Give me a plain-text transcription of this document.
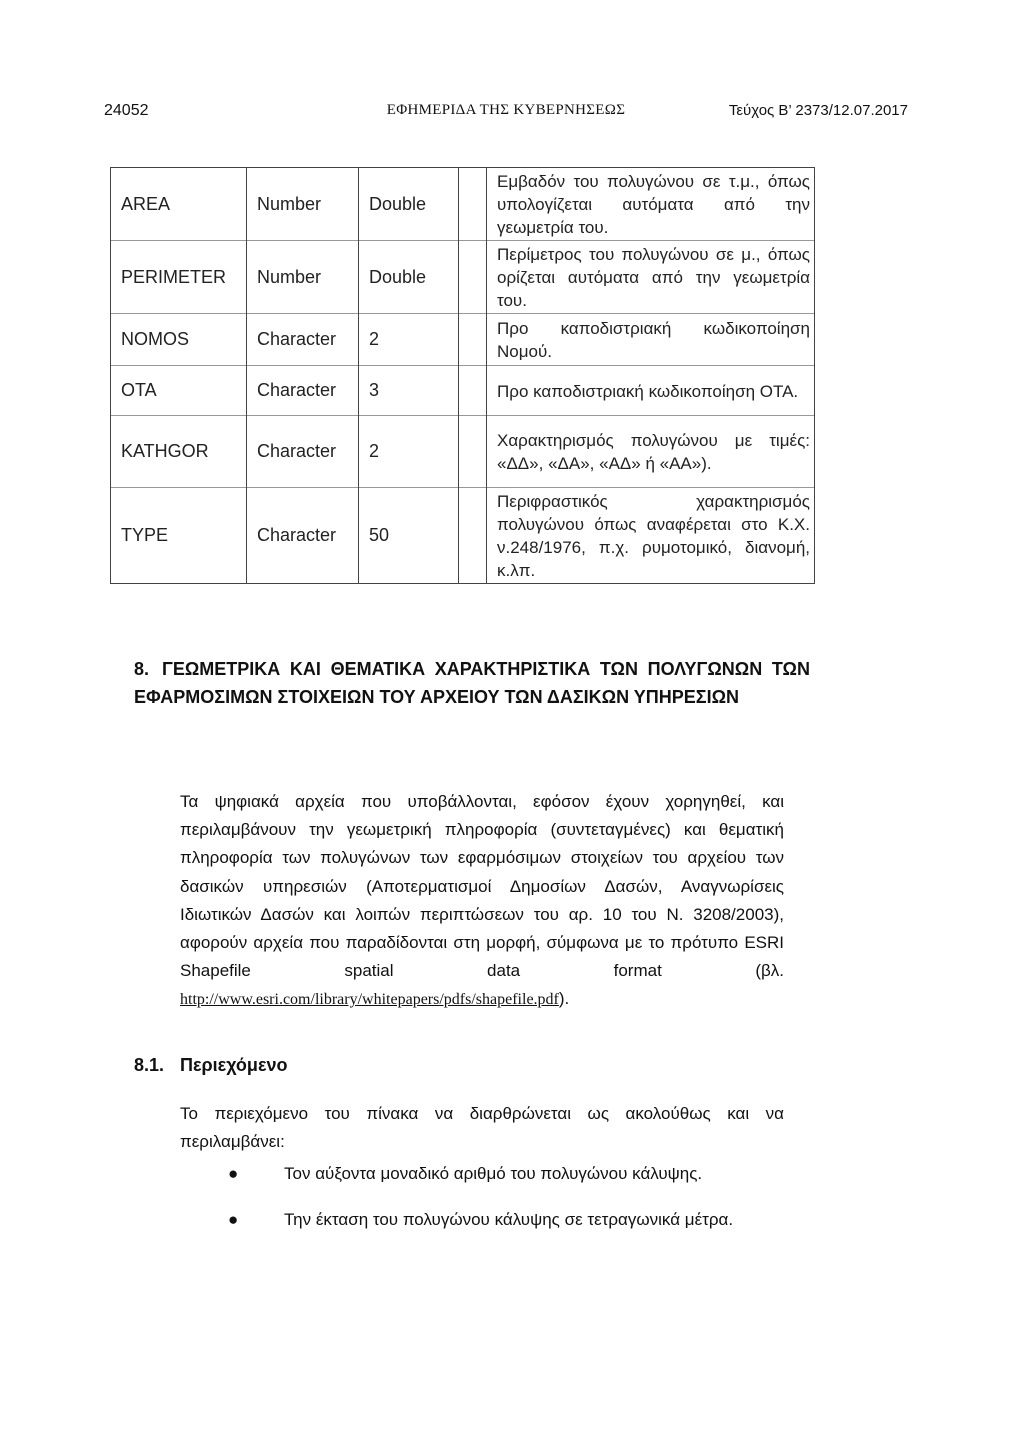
24052	ΕΦΗΜΕΡΙΔΑ ΤΗΣ ΚΥΒΕΡΝΗΣΕΩΣ	Τεύχος Β’ 2373/12.07.2017
AREA	Number	Double		Εμβαδόν του πολυγώνου σε τ.μ., όπως υπολογίζεται αυτόματα από την γεωμετρία του.
PERIMETER	Number	Double		Περίμετρος του πολυγώνου σε μ., όπως ορίζεται αυτόματα από την γεωμετρία του.
NOMOS	Character	2		Προ καποδιστριακή κωδικοποίηση Νομού.
OTA	Character	3		Προ καποδιστριακή κωδικοποίηση ΟΤΑ.
KATHGOR	Character	2		Χαρακτηρισμός πολυγώνου με τιμές: «ΔΔ», «ΔΑ», «ΑΔ» ή «ΑΑ»).
TYPE	Character	50		Περιφραστικός χαρακτηρισμός πολυγώνου όπως αναφέρεται στο Κ.Χ. ν.248/1976, π.χ. ρυμοτομικό, διανομή, κ.λπ.
8. ΓΕΩΜΕΤΡΙΚΑ ΚΑΙ ΘΕΜΑΤΙΚΑ ΧΑΡΑΚΤΗΡΙΣΤΙΚΑ ΤΩΝ ΠΟΛΥΓΩΝΩΝ ΤΩΝ ΕΦΑΡΜΟΣΙΜΩΝ ΣΤΟΙΧΕΙΩΝ ΤΟΥ ΑΡΧΕΙΟΥ ΤΩΝ ΔΑΣΙΚΩΝ ΥΠΗΡΕΣΙΩΝ
Τα ψηφιακά αρχεία που υποβάλλονται, εφόσον έχουν χορηγηθεί, και περιλαμβάνουν την γεωμετρική πληροφορία (συντεταγμένες) και θεματική πληροφορία των πολυγώνων των εφαρμόσιμων στοιχείων του αρχείου των δασικών υπηρεσιών (Αποτερματισμοί Δημοσίων Δασών, Αναγνωρίσεις Ιδιωτικών Δασών και λοιπών περιπτώσεων του αρ. 10 του Ν. 3208/2003), αφορούν αρχεία που παραδίδονται στη μορφή, σύμφωνα με το πρότυπο ESRI Shapefile spatial data format	(βλ. http://www.esri.com/library/whitepapers/pdfs/shapefile.pdf).
8.1. Περιεχόμενο
Το περιεχόμενο του πίνακα να διαρθρώνεται ως ακολούθως και να περιλαμβάνει:
●	Τον αύξοντα μοναδικό αριθμό του πολυγώνου κάλυψης.
●	Την έκταση του πολυγώνου κάλυψης σε τετραγωνικά μέτρα.
